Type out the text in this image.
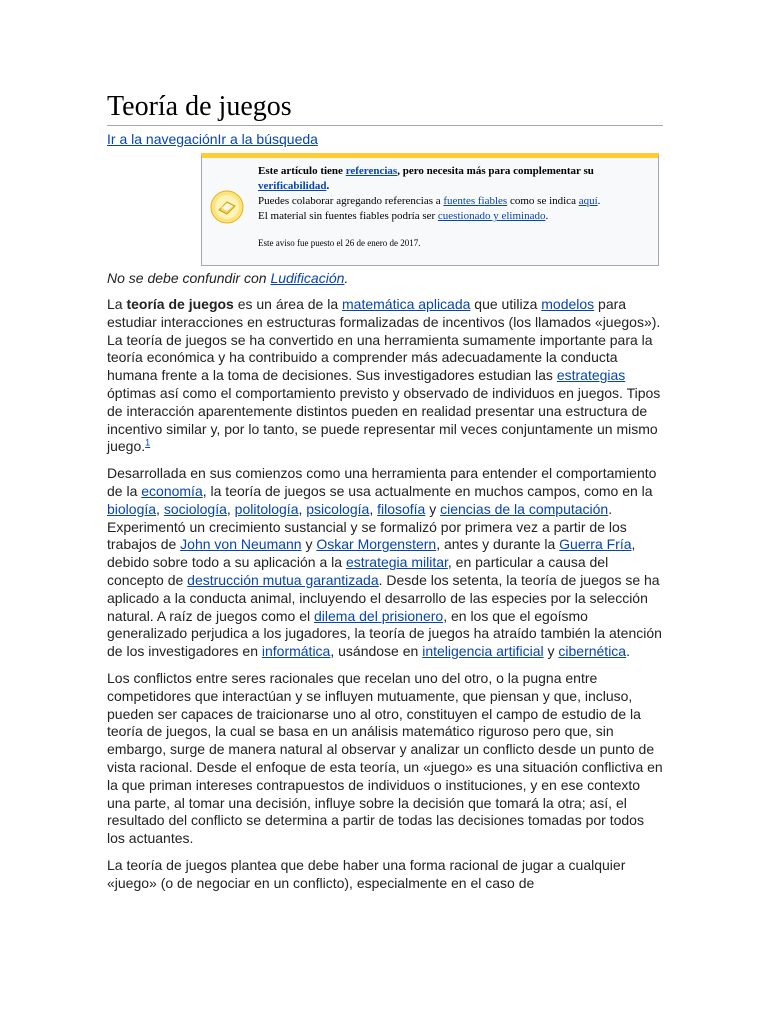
Teoría de juegos
Ir a la navegaciónIr a la búsqueda
Este artículo tiene referencias, pero necesita más para complementar su verificabilidad.
Puedes colaborar agregando referencias a fuentes fiables como se indica aquí.
El material sin fuentes fiables podría ser cuestionado y eliminado.
Este aviso fue puesto el 26 de enero de 2017.
No se debe confundir con Ludificación.

La teoría de juegos es un área de la matemática aplicada que utiliza modelos para estudiar interacciones en estructuras formalizadas de incentivos (los llamados «juegos»). La teoría de juegos se ha convertido en una herramienta sumamente importante para la teoría económica y ha contribuido a comprender más adecuadamente la conducta humana frente a la toma de decisiones. Sus investigadores estudian las estrategias óptimas así como el comportamiento previsto y observado de individuos en juegos. Tipos de interacción aparentemente distintos pueden en realidad presentar una estructura de incentivo similar y, por lo tanto, se puede representar mil veces conjuntamente un mismo juego.$^1$

Desarrollada en sus comienzos como una herramienta para entender el comportamiento de la economía, la teoría de juegos se usa actualmente en muchos campos, como en la biología, sociología, politología, psicología, filosofía y ciencias de la computación. Experimentó un crecimiento sustancial y se formalizó por primera vez a partir de los trabajos de John von Neumann y Oskar Morgenstern, antes y durante la Guerra Fría, debido sobre todo a su aplicación a la estrategia militar, en particular a causa del concepto de destrucción mutua garantizada. Desde los setenta, la teoría de juegos se ha aplicado a la conducta animal, incluyendo el desarrollo de las especies por la selección natural. A raíz de juegos como el dilema del prisionero, en los que el egoísmo generalizado perjudica a los jugadores, la teoría de juegos ha atraído también la atención de los investigadores en informática, usándose en inteligencia artificial y cibernética.

Los conflictos entre seres racionales que recelan uno del otro, o la pugna entre competidores que interactúan y se influyen mutuamente, que piensan y que, incluso, pueden ser capaces de traicionarse uno al otro, constituyen el campo de estudio de la teoría de juegos, la cual se basa en un análisis matemático riguroso pero que, sin embargo, surge de manera natural al observar y analizar un conflicto desde un punto de vista racional. Desde el enfoque de esta teoría, un «juego» es una situación conflictiva en la que priman intereses contrapuestos de individuos o instituciones, y en ese contexto una parte, al tomar una decisión, influye sobre la decisión que tomará la otra; así, el resultado del conflicto se determina a partir de todas las decisiones tomadas por todos los actuantes.

La teoría de juegos plantea que debe haber una forma racional de jugar a cualquier «juego» (o de negociar en un conflicto), especialmente en el caso de
